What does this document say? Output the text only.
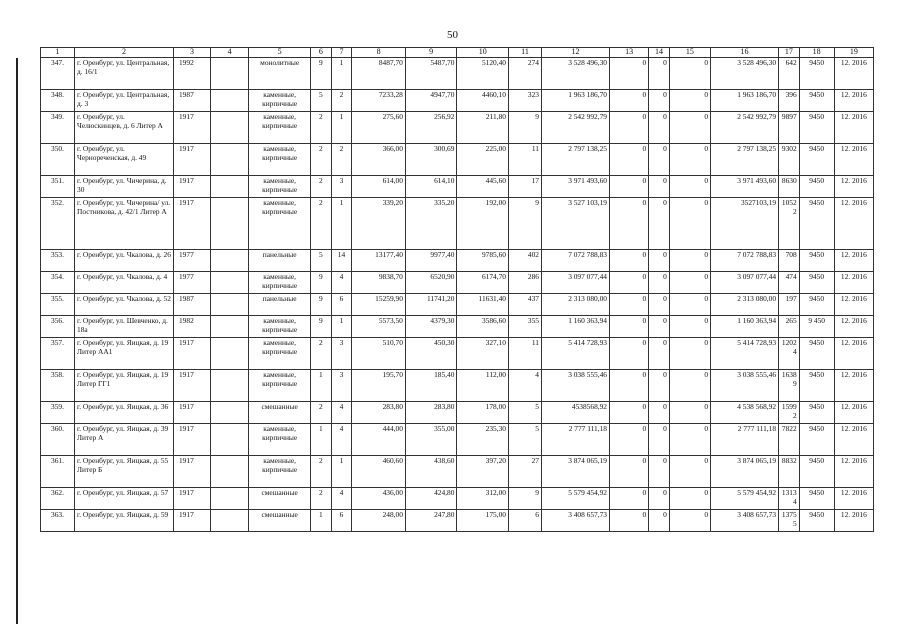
50
1	2	3	4	5	6	7	8	9	10	11	12	13	14	15	16	17	18	19
347.	г. Оренбург, ул. Центральная, д. 16/1	1992		монолитные	9	1	8487,70	5487,70	5120,40	274	3 528 496,30	0	0	0	3 528 496,30	642	9450	12. 2016
348.	г. Оренбург, ул. Центральная, д. 3	1987		каменные, кирпичные	5	2	7233,28	4947,70	4460,10	323	1 963 186,70	0	0	0	1 963 186,70	396	9450	12. 2016
349.	г. Оренбург, ул. Челюскинцев, д. 6 Литер А	1917		каменные, кирпичные	2	1	275,60	256,92	211,80	9	2 542 992,79	0	0	0	2 542 992,79	9897	9450	12. 2016
350.	г. Оренбург, ул. Чернореченская, д. 49	1917		каменные, кирпичные	2	2	366,00	300,69	225,00	11	2 797 138,25	0	0	0	2 797 138,25	9302	9450	12. 2016
351.	г. Оренбург, ул. Чичерина, д. 30	1917		каменные, кирпичные	2	3	614,00	614,10	445,60	17	3 971 493,60	0	0	0	3 971 493,60	8630	9450	12. 2016
352.	г. Оренбург, ул. Чичерина/ ул. Постникова, д. 42/1 Литер А	1917		каменные, кирпичные	2	1	339,20	335,20	192,00	9	3 527 103,19	0	0	0	3527103,19	10522	9450	12. 2016
353.	г. Оренбург, ул. Чкалова, д. 26	1977		панельные	5	14	13177,40	9977,40	9785,60	402	7 072 788,83	0	0	0	7 072 788,83	708	9450	12. 2016
354.	г. Оренбург, ул. Чкалова, д. 4	1977		каменные, кирпичные	9	4	9838,70	6520,90	6174,70	286	3 097 077,44	0	0	0	3 097 077,44	474	9450	12. 2016
355.	г. Оренбург, ул. Чкалова, д. 52	1987		панельные	9	6	15259,90	11741,20	11631,40	437	2 313 080,00	0	0	0	2 313 080,00	197	9450	12. 2016
356.	г. Оренбург, ул. Шевченко, д. 18а	1982		каменные, кирпичные	9	1	5573,50	4379,30	3586,60	355	1 160 363,94	0	0	0	1 160 363,94	265	9 450	12. 2016
357.	г. Оренбург, ул. Яицкая, д. 19 Литер АА1	1917		каменные, кирпичные	2	3	510,70	450,30	327,10	11	5 414 728,93	0	0	0	5 414 728,93	12024	9450	12. 2016
358.	г. Оренбург, ул. Яицкая, д. 19 Литер ГГ1	1917		каменные, кирпичные	1	3	195,70	185,40	112,00	4	3 038 555,46	0	0	0	3 038 555,46	16389	9450	12. 2016
359.	г. Оренбург, ул. Яицкая, д. 36	1917		смешанные	2	4	283,80	283,80	178,00	5	4538568,92	0	0	0	4 538 568,92	15992	9450	12. 2016
360.	г. Оренбург, ул. Яицкая, д. 39 Литер А	1917		каменные, кирпичные	1	4	444,00	355,00	235,30	5	2 777 111,18	0	0	0	2 777 111,18	7822	9450	12. 2016
361.	г. Оренбург, ул. Яицкая, д. 55 Литер Б	1917		каменные, кирпичные	2	1	460,60	438,60	397,20	27	3 874 065,19	0	0	0	3 874 065,19	8832	9450	12. 2016
362.	г. Оренбург, ул. Яицкая, д. 57	1917		смешанные	2	4	436,00	424,80	312,00	9	5 579 454,92	0	0	0	5 579 454,92	13134	9450	12. 2016
363.	г. Оренбург, ул. Яицкая, д. 59	1917		смешанные	1	6	248,00	247,80	175,00	6	3 408 657,73	0	0	0	3 408 657,73	13755	9450	12. 2016
